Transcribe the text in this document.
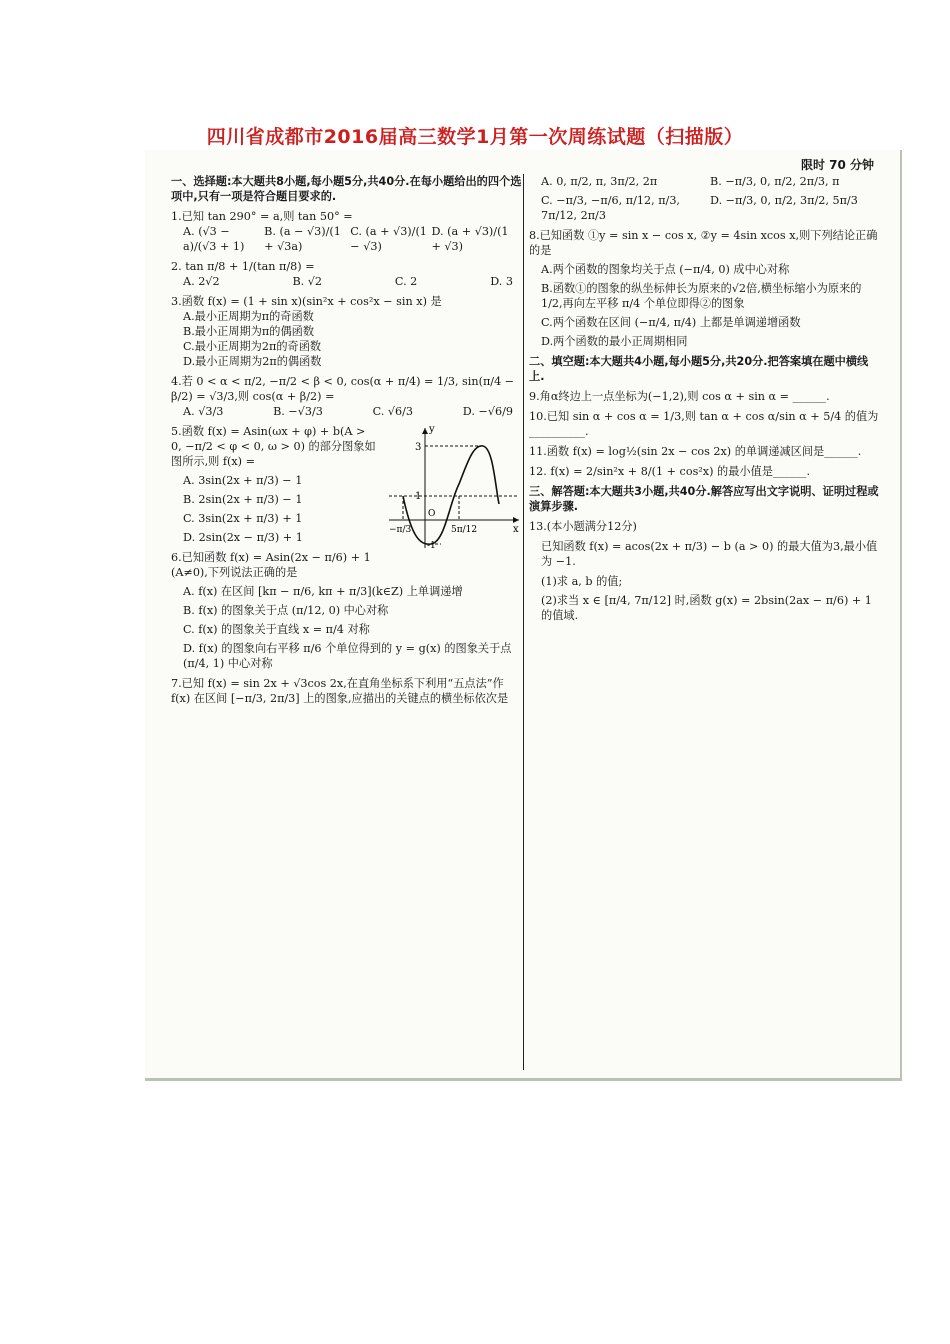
四川省成都市2016届高三数学1月第一次周练试题（扫描版）
限时 70 分钟
一、选择题:本大题共8小题,每小题5分,共40分.在每小题给出的四个选项中,只有一项是符合题目要求的.
1.已知 tan 290° = a,则 tan 50° =
A. (√3 − a)/(√3 + 1)
B. (a − √3)/(1 + √3a)
C. (a + √3)/(1 − √3)
D. (a + √3)/(1 + √3)
2. tan π/8 + 1/(tan π/8) =
A. 2√2	B. √2	C. 2	D. 3
3.函数 f(x) = (1 + sin x)(sin²x + cos²x − sin x) 是
A.最小正周期为π的奇函数
B.最小正周期为π的偶函数
C.最小正周期为2π的奇函数
D.最小正周期为2π的偶函数
4.若 0 < α < π/2, −π/2 < β < 0, cos(α + π/4) = 1/3, sin(π/4 − β/2) = √3/3,则 cos(α + β/2) =
A. √3/3	B. −√3/3	C. √6/3	D. −√6/9
y
x
3
1
-1
−π/3
O
5π/12
5.函数 f(x) = Asin(ωx + φ) + b(A > 0, −π/2 < φ < 0, ω > 0) 的部分图象如图所示,则 f(x) =
A. 3sin(2x + π/3) − 1
B. 2sin(2x + π/3) − 1
C. 3sin(2x + π/3) + 1
D. 2sin(2x − π/3) + 1
6.已知函数 f(x) = Asin(2x − π/6) + 1 (A≠0),下列说法正确的是
A. f(x) 在区间 [kπ − π/6, kπ + π/3](k∈Z) 上单调递增
B. f(x) 的图象关于点 (π/12, 0) 中心对称
C. f(x) 的图象关于直线 x = π/4 对称
D. f(x) 的图象向右平移 π/6 个单位得到的 y = g(x) 的图象关于点 (π/4, 1) 中心对称
7.已知 f(x) = sin 2x + √3cos 2x,在直角坐标系下利用“五点法”作 f(x) 在区间 [−π/3, 2π/3] 上的图象,应描出的关键点的横坐标依次是
A. 0, π/2, π, 3π/2, 2π	B. −π/3, 0, π/2, 2π/3, π
C. −π/3, −π/6, π/12, π/3, 7π/12, 2π/3
D. −π/3, 0, π/2, 3π/2, 5π/3
8.已知函数 ①y = sin x − cos x, ②y = 4sin xcos x,则下列结论正确的是
A.两个函数的图象均关于点 (−π/4, 0) 成中心对称
B.函数①的图象的纵坐标伸长为原来的√2倍,横坐标缩小为原来的 1/2,再向左平移 π/4 个单位即得②的图象
C.两个函数在区间 (−π/4, π/4) 上都是单调递增函数
D.两个函数的最小正周期相同
二、填空题:本大题共4小题,每小题5分,共20分.把答案填在题中横线上.
9.角α终边上一点坐标为(−1,2),则 cos α + sin α = ______.
10.已知 sin α + cos α = 1/3,则 tan α + cos α/sin α + 5/4 的值为__________.
11.函数 f(x) = log½(sin 2x − cos 2x) 的单调递减区间是______.
12. f(x) = 2/sin²x + 8/(1 + cos²x) 的最小值是______.
三、解答题:本大题共3小题,共40分.解答应写出文字说明、证明过程或演算步骤.
13.(本小题满分12分)
已知函数 f(x) = acos(2x + π/3) − b (a > 0) 的最大值为3,最小值为 −1.
(1)求 a, b 的值;
(2)求当 x ∈ [π/4, 7π/12] 时,函数 g(x) = 2bsin(2ax − π/6) + 1 的值域.
